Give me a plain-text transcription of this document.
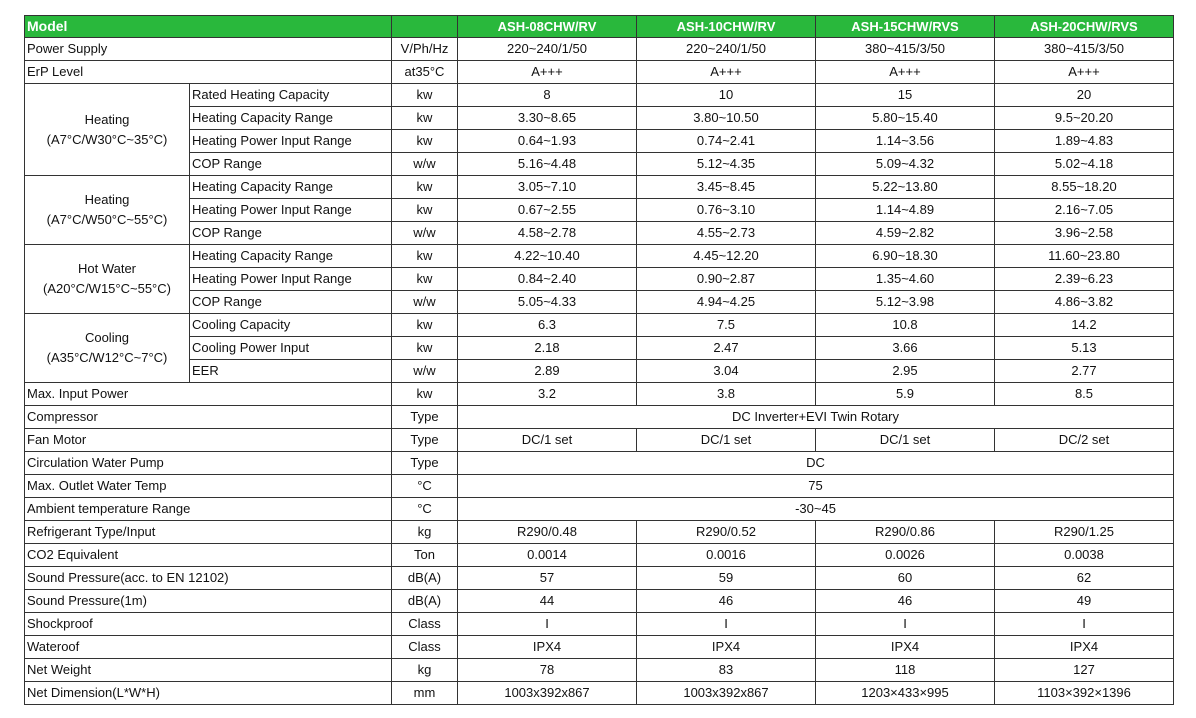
Model			ASH-08CHW/RV	ASH-10CHW/RV	ASH-15CHW/RVS	ASH-20CHW/RVS
Power Supply		V/Ph/Hz	220~240/1/50	220~240/1/50	380~415/3/50	380~415/3/50
ErP Level		at35°C	A+++	A+++	A+++	A+++

Heating
(A7°C/W30°C~35°C)	Rated Heating Capacity	kw	8	10	15	20
	Heating Capacity Range	kw	3.30~8.65	3.80~10.50	5.80~15.40	9.5~20.20
	Heating Power Input Range	kw	0.64~1.93	0.74~2.41	1.14~3.56	1.89~4.83
	COP Range	w/w	5.16~4.48	5.12~4.35	5.09~4.32	5.02~4.18

Heating
(A7°C/W50°C~55°C)	Heating Capacity Range	kw	3.05~7.10	3.45~8.45	5.22~13.80	8.55~18.20
	Heating Power Input Range	kw	0.67~2.55	0.76~3.10	1.14~4.89	2.16~7.05
	COP Range	w/w	4.58~2.78	4.55~2.73	4.59~2.82	3.96~2.58

Hot Water
(A20°C/W15°C~55°C)	Heating Capacity Range	kw	4.22~10.40	4.45~12.20	6.90~18.30	11.60~23.80
	Heating Power Input Range	kw	0.84~2.40	0.90~2.87	1.35~4.60	2.39~6.23
	COP Range	w/w	5.05~4.33	4.94~4.25	5.12~3.98	4.86~3.82

Cooling
(A35°C/W12°C~7°C)	Cooling Capacity	kw	6.3	7.5	10.8	14.2
	Cooling Power Input	kw	2.18	2.47	3.66	5.13
	EER	w/w	2.89	3.04	2.95	2.77
Max. Input Power		kw	3.2	3.8	5.9	8.5
Compressor		Type	DC Inverter+EVI Twin Rotary			
Fan Motor		Type	DC/1 set	DC/1 set	DC/1 set	DC/2 set
Circulation Water Pump		Type	DC			
Max. Outlet Water Temp		°C	75			
Ambient temperature Range		°C	-30~45			
Refrigerant Type/Input		kg	R290/0.48	R290/0.52	R290/0.86	R290/1.25
CO2 Equivalent		Ton	0.0014	0.0016	0.0026	0.0038
Sound Pressure(acc. to EN 12102)		dB(A)	57	59	60	62
Sound Pressure(1m)		dB(A)	44	46	46	49
Shockproof		Class	I	I	I	I
Wateroof		Class	IPX4	IPX4	IPX4	IPX4
Net Weight		kg	78	83	118	127
Net Dimension(L*W*H)		mm	1003x392x867	1003x392x867	1203×433×995	1103×392×1396
